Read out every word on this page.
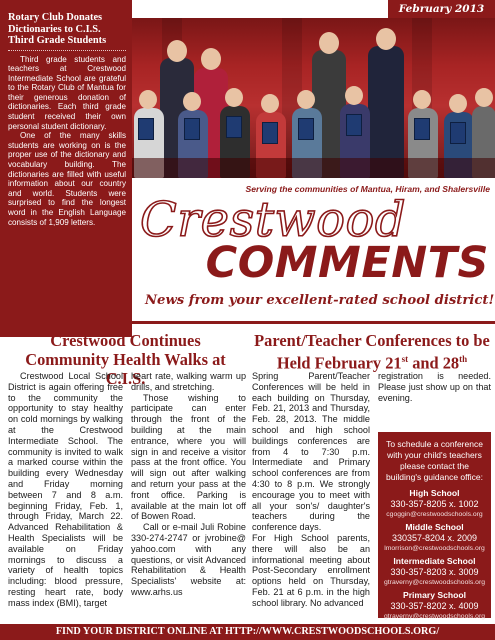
Rotary Club Donates Dictionaries to C.I.S. Third Grade Students

Third grade students and teachers at Crestwood Intermediate School are grateful to the Rotary Club of Mantua for their generous donation of dictionaries. Each third grade student received their own personal student dictionary.

One of the many skills students are working on is the proper use of the dictionary and vocabulary building. The dictionaries are filled with useful information about our country and world. Students were surprised to find the longest word in the English Language consists of 1,909 letters.

February 2013
Serving the communities of Mantua, Hiram, and Shalersville
Crestwood
COMMENTS
News from your excellent-rated school district!
Crestwood Continues Community Health Walks at C.I.S.

Crestwood Local School District is again offering free to the community the opportunity to stay healthy on cold mornings by walking at the Crestwood Intermediate School. The community is invited to walk a marked course within the building every Wednesday and Friday morning between 7 and 8 a.m. beginning Friday, Feb. 1, through Friday, March 22. Advanced Rehabilitation & Health Specialists will be available on Friday mornings to discuss a variety of health topics including: blood pressure, resting heart rate, body mass index (BMI), target

heart rate, walking warm up drills, and stretching.

Those wishing to participate can enter through the front of the building at the main entrance, where you will sign in and receive a visitor pass at the front office. You will sign out after walking and return your pass at the front office. Parking is available at the main lot off of Bowen Road.

Call or e-mail Juli Robine 330-274-2747 or jvrobine@ yahoo.com with any questions, or visit Advanced Rehabilitation & Health Specialists' website at: www.arhs.us

Parent/Teacher Conferences to be
Held February 21st and 28th

Spring Parent/Teacher Conferences will be held in each building on Thursday, Feb. 21, 2013 and Thursday, Feb. 28, 2013. The middle school and high school buildings conferences are from 4 to 7:30 p.m. Intermediate and Primary school conferences are from 4:30 to 8 p.m. We strongly encourage you to meet with all your son's/ daughter's teachers during the conference days.

For High School parents, there will also be an informational meeting about Post-Secondary enrollment options held on Thursday, Feb. 21 at 6 p.m. in the high school library. No advanced

registration is needed. Please just show up on that evening.

To schedule a conference with your child's teachers please contact the building's guidance office:
High School
330-357-8205 x. 1002
cgoggin@crestwoodschools.org
Middle School
330357-8204 x. 2009
lmorrison@crestwoodschools.org
Intermediate School
330-357-8203 x. 3009
gtraverny@crestwoodschools.org
Primary School
330-357-8202 x. 4009
gtraverny@crestwoodschools.org
FIND YOUR DISTRICT ONLINE AT HTTP://WWW.CRESTWOODSCHOOLS.ORG/
